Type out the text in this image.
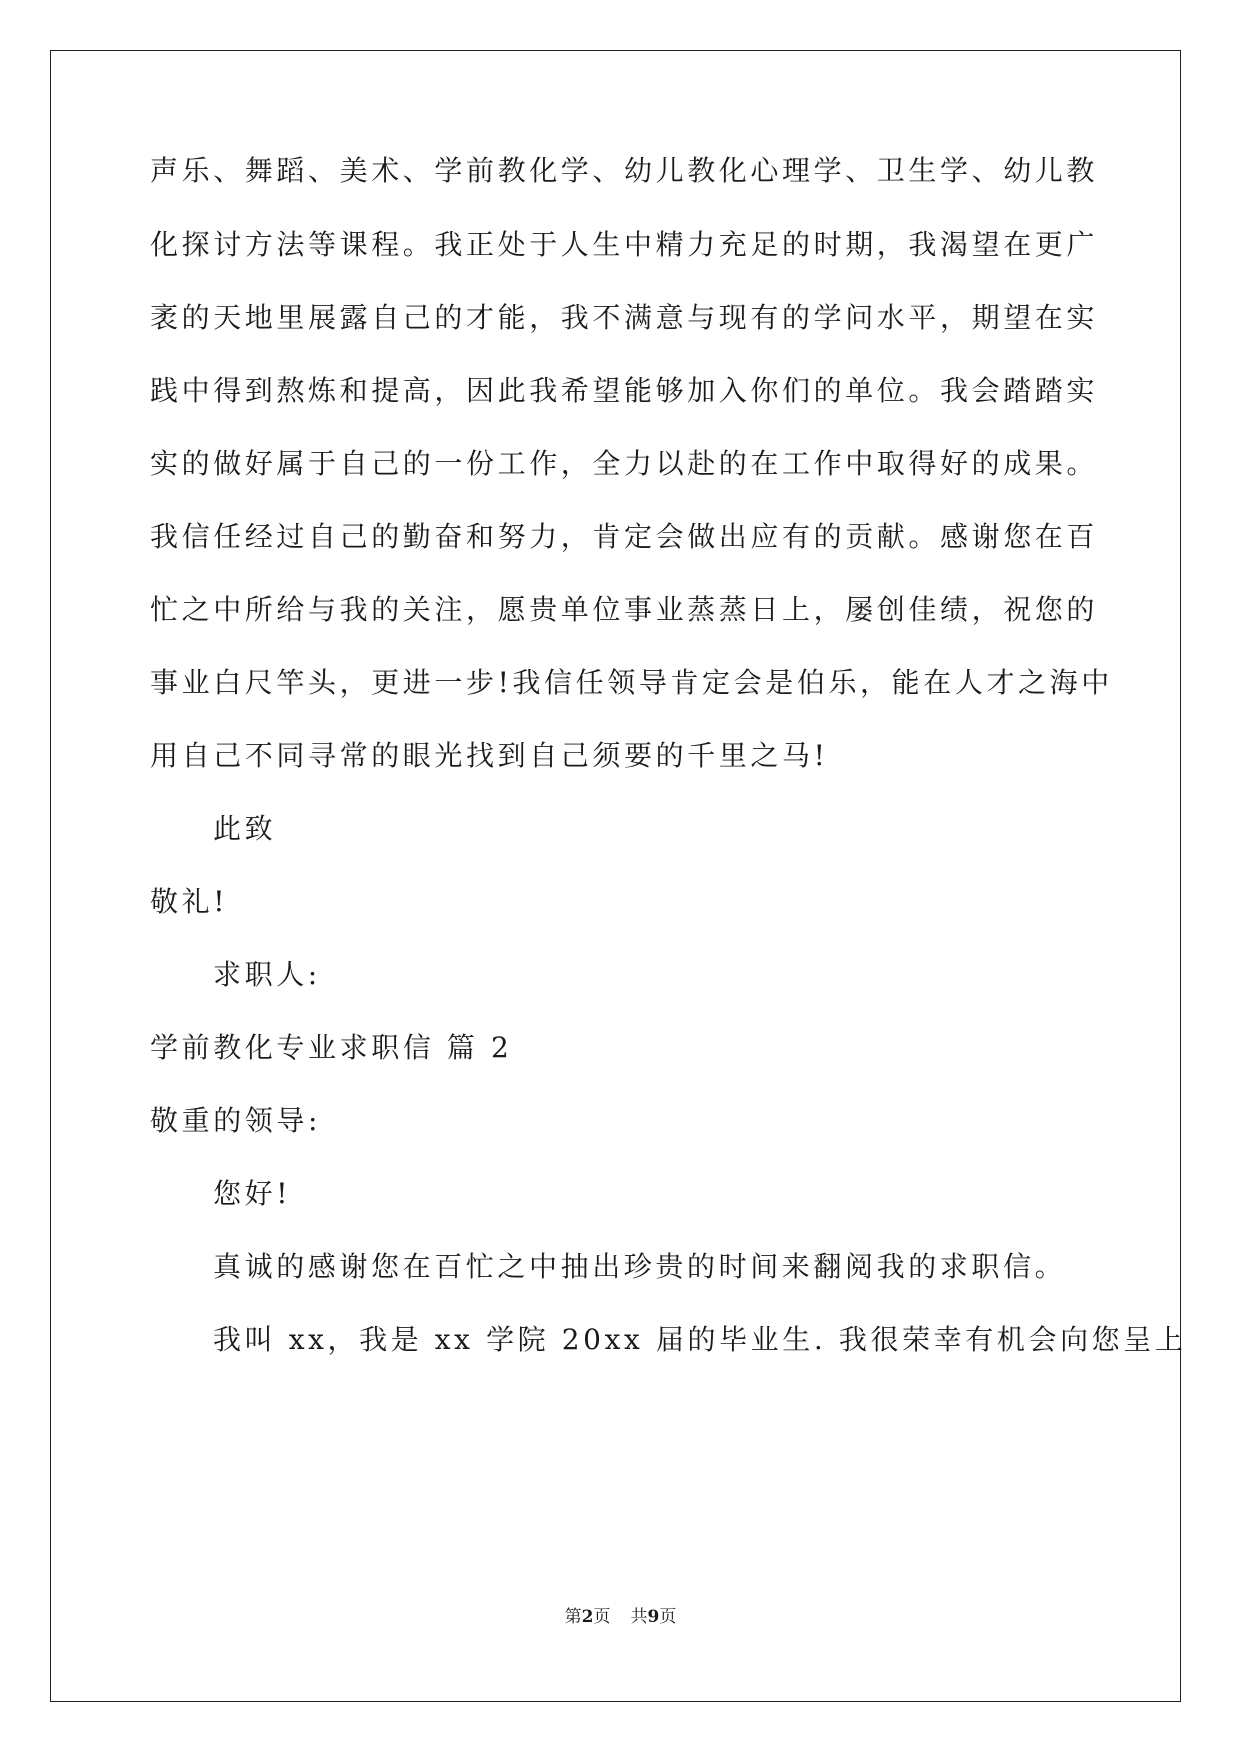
声乐、舞蹈、美术、学前教化学、幼儿教化心理学、卫生学、幼儿教
化探讨方法等课程。我正处于人生中精力充足的时期，我渴望在更广
袤的天地里展露自己的才能，我不满意与现有的学问水平，期望在实
践中得到熬炼和提高，因此我希望能够加入你们的单位。我会踏踏实
实的做好属于自己的一份工作，全力以赴的在工作中取得好的成果。
我信任经过自己的勤奋和努力，肯定会做出应有的贡献。感谢您在百
忙之中所给与我的关注，愿贵单位事业蒸蒸日上，屡创佳绩，祝您的
事业白尺竿头，更进一步!我信任领导肯定会是伯乐，能在人才之海中
用自己不同寻常的眼光找到自己须要的千里之马!
此致
敬礼!
求职人:
学前教化专业求职信 篇 2
敬重的领导:
您好!
真诚的感谢您在百忙之中抽出珍贵的时间来翻阅我的求职信。
我叫 xx，我是 xx 学院 20xx 届的毕业生. 我很荣幸有机会向您呈上
第2页 共9页
